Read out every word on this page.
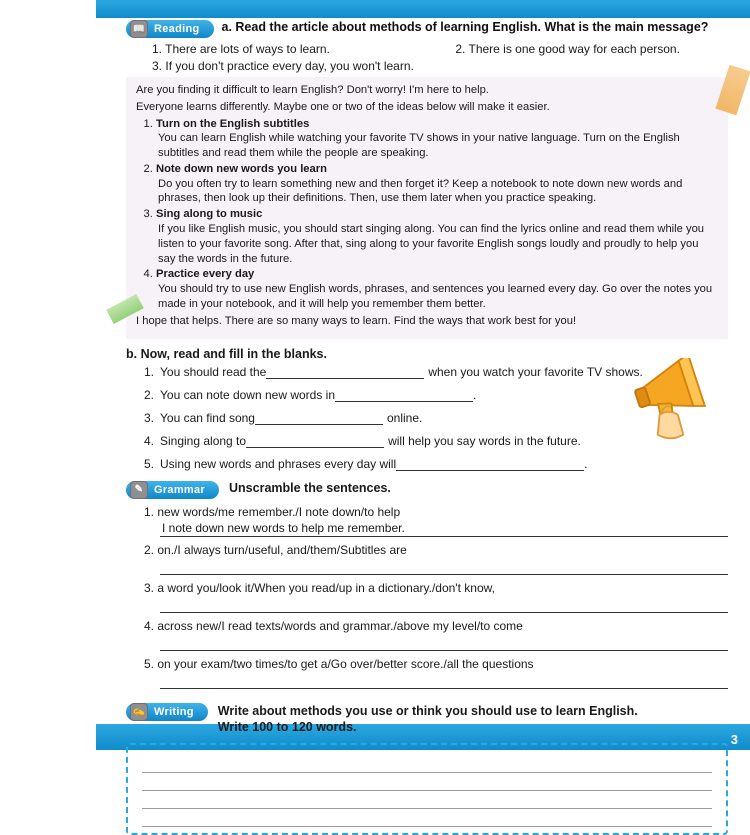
3
📖 Reading a. Read the article about methods of learning English. What is the main message?
1. There are lots of ways to learn.	2. There is one good way for each person.
3. If you don't practice every day, you won't learn.

Are you finding it difficult to learn English? Don't worry! I'm here to help.

Everyone learns differently. Maybe one or two of the ideas below will make it easier.

1. Turn on the English subtitles
You can learn English while watching your favorite TV shows in your native language. Turn on the English subtitles and read them while the people are speaking.
2. Note down new words you learn
Do you often try to learn something new and then forget it? Keep a notebook to note down new words and phrases, then look up their definitions. Then, use them later when you practice speaking.
3. Sing along to music
If you like English music, you should start singing along. You can find the lyrics online and read them while you listen to your favorite song. After that, sing along to your favorite English songs loudly and proudly to help you say the words in the future.
4. Practice every day
You should try to use new English words, phrases, and sentences you learned every day. Go over the notes you made in your notebook, and it will help you remember them better.

I hope that helps. There are so many ways to learn. Find the ways that work best for you!

b. Now, read and fill in the blanks.
1. You should read the	when you watch your favorite TV shows.
2. You can note down new words in	.
3. You can find song	online.
4. Singing along to	will help you say words in the future.
5. Using new words and phrases every day will	.
✎ Grammar Unscramble the sentences.
1. new words/me remember./I note down/to help
I note down new words to help me remember.
2. on./I always turn/useful, and/them/Subtitles are
3. a word you/look it/When you read/up in a dictionary./don't know,
4. across new/I read texts/words and grammar./above my level/to come
5. on your exam/two times/to get a/Go over/better score./all the questions
✍ Writing Write about methods you use or think you should use to learn English.
Write 100 to 120 words.
